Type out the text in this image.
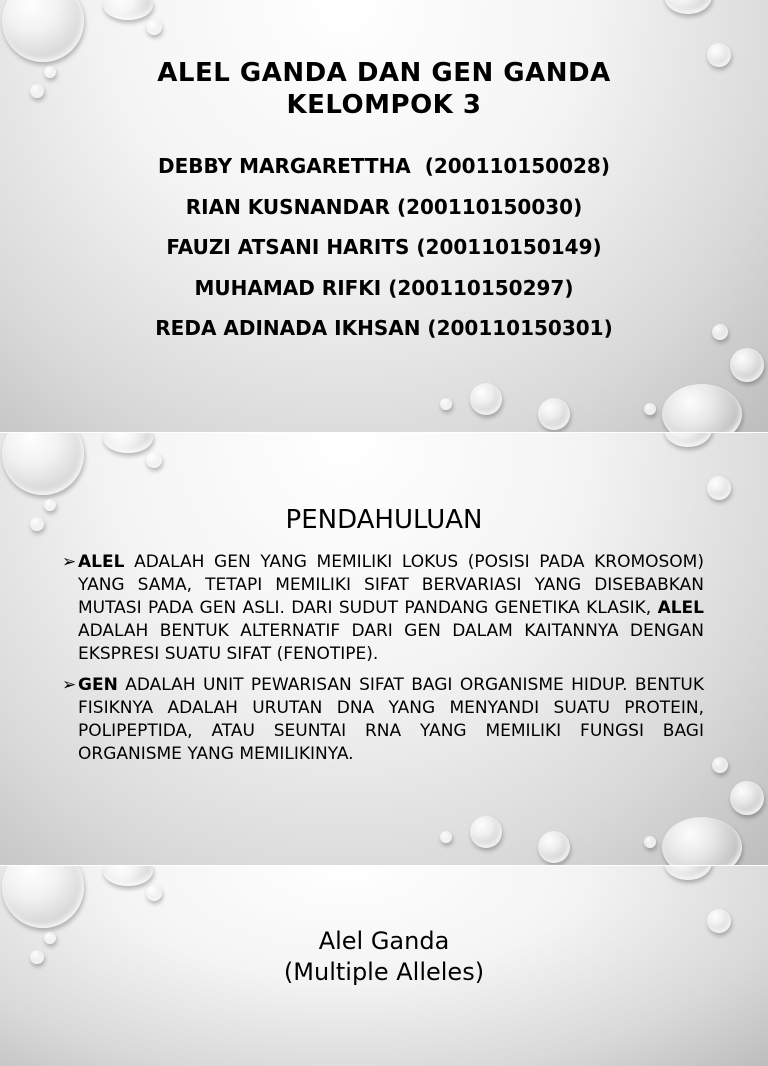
ALEL GANDA DAN GEN GANDA
KELOMPOK 3
DEBBY MARGARETTHA  (200110150028)
RIAN KUSNANDAR (200110150030)
FAUZI ATSANI HARITS (200110150149)
MUHAMAD RIFKI (200110150297)
REDA ADINADA IKHSAN (200110150301)
PENDAHULUAN
➢ ALEL ADALAH GEN YANG MEMILIKI LOKUS (POSISI PADA KROMOSOM) YANG SAMA, TETAPI MEMILIKI SIFAT BERVARIASI YANG DISEBABKAN MUTASI PADA GEN ASLI. DARI SUDUT PANDANG GENETIKA KLASIK, ALEL ADALAH BENTUK ALTERNATIF DARI GEN DALAM KAITANNYA DENGAN EKSPRESI SUATU SIFAT (FENOTIPE).
➢ GEN ADALAH UNIT PEWARISAN SIFAT BAGI ORGANISME HIDUP. BENTUK FISIKNYA ADALAH URUTAN DNA YANG MENYANDI SUATU PROTEIN, POLIPEPTIDA, ATAU SEUNTAI RNA YANG MEMILIKI FUNGSI BAGI ORGANISME YANG MEMILIKINYA.
Alel Ganda
(Multiple Alleles)
